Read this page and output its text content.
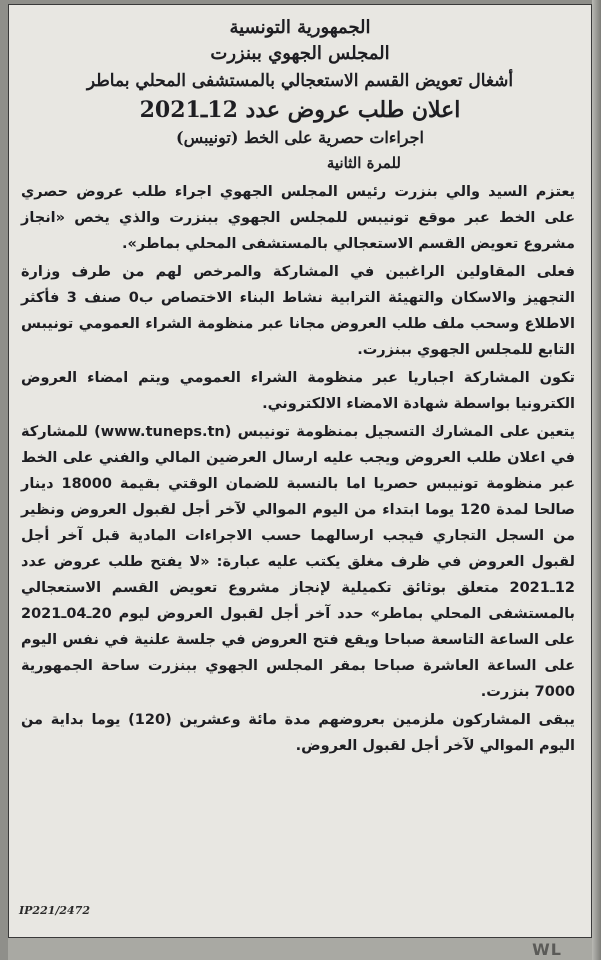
الجمهورية التونسية
المجلس الجهوي ببنزرت
أشغال تعويض القسم الاستعجالي بالمستشفى المحلي بماطر
اعلان طلب عروض عدد 12ـ2021
اجراءات حصرية على الخط (تونيبس)
للمرة الثانية

يعتزم السيد والي بنزرت رئيس المجلس الجهوي اجراء طلب عروض حصري على الخط عبر موقع تونيبس للمجلس الجهوي ببنزرت والذي يخص «انجاز مشروع تعويض القسم الاستعجالي بالمستشفى المحلي بماطر».

فعلى المقاولين الراغبين في المشاركة والمرخص لهم من طرف وزارة التجهيز والاسكان والتهيئة الترابية نشاط البناء الاختصاص ب0 صنف 3 فأكثر الاطلاع وسحب ملف طلب العروض مجانا عبر منظومة الشراء العمومي تونيبس التابع للمجلس الجهوي ببنزرت.

تكون المشاركة اجباريا عبر منظومة الشراء العمومي ويتم امضاء العروض الكترونيا بواسطة شهادة الامضاء الالكتروني.

يتعين على المشارك التسجيل بمنظومة تونيبس (www.tuneps.tn) للمشاركة في اعلان طلب العروض ويجب عليه ارسال العرضين المالي والفني على الخط عبر منظومة تونيبس حصريا اما بالنسبة للضمان الوقتي بقيمة 18000 دينار صالحا لمدة 120 يوما ابتداء من اليوم الموالي لآخر أجل لقبول العروض ونظير من السجل التجاري فيجب ارسالهما حسب الاجراءات المادية قبل آخر أجل لقبول العروض في ظرف مغلق يكتب عليه عبارة: «لا يفتح طلب عروض عدد 12ـ2021 متعلق بوثائق تكميلية لإنجاز مشروع تعويض القسم الاستعجالي بالمستشفى المحلي بماطر» حدد آخر أجل لقبول العروض ليوم 20ـ04ـ2021 على الساعة التاسعة صباحا ويقع فتح العروض في جلسة علنية في نفس اليوم على الساعة العاشرة صباحا بمقر المجلس الجهوي ببنزرت ساحة الجمهورية 7000 بنزرت.

يبقى المشاركون ملزمين بعروضهم مدة مائة وعشرين (120) يوما بداية من اليوم الموالي لآخر أجل لقبول العروض.

IP221/2472
WL
